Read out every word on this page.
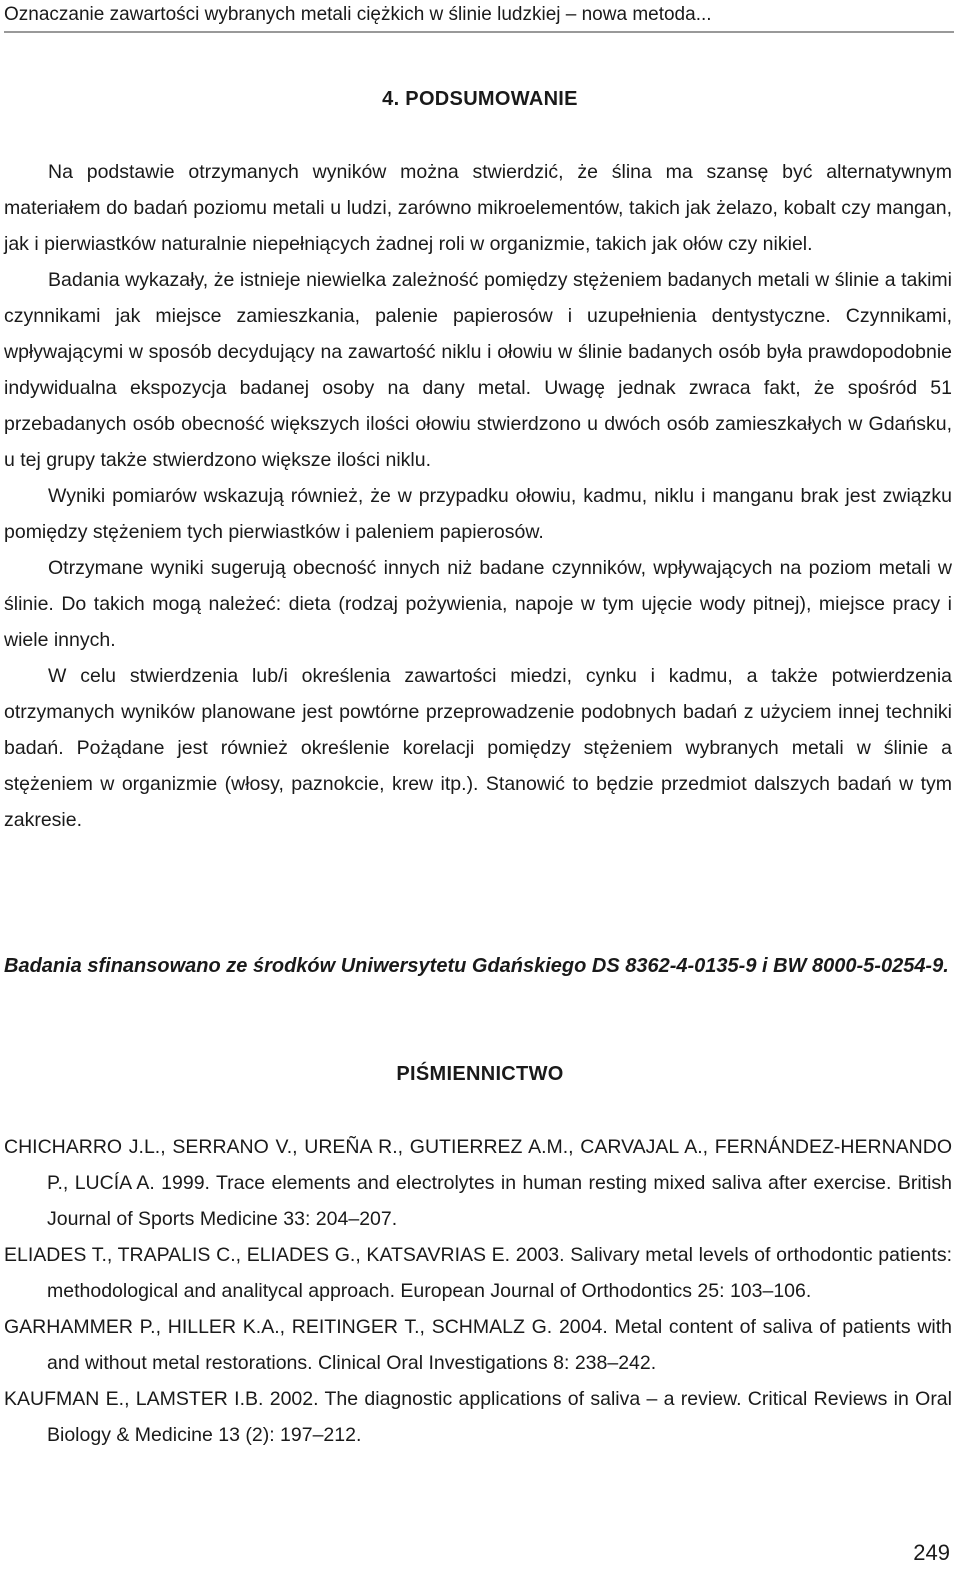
Oznaczanie zawartości wybranych metali ciężkich w ślinie ludzkiej – nowa metoda...
4. PODSUMOWANIE

Na podstawie otrzymanych wyników można stwierdzić, że ślina ma szansę być alternatywnym materiałem do badań poziomu metali u ludzi, zarówno mikroelementów, takich jak żelazo, kobalt czy mangan, jak i pierwiastków naturalnie niepełniących żadnej roli w organizmie, takich jak ołów czy nikiel.

Badania wykazały, że istnieje niewielka zależność pomiędzy stężeniem badanych metali w ślinie a takimi czynnikami jak miejsce zamieszkania, palenie papierosów i uzupełnienia dentystyczne. Czynnikami, wpływającymi w sposób decydujący na zawartość niklu i ołowiu w ślinie badanych osób była prawdopodobnie indywidualna ekspozycja badanej osoby na dany metal. Uwagę jednak zwraca fakt, że spośród 51 przebadanych osób obecność większych ilości ołowiu stwierdzono u dwóch osób zamieszkałych w Gdańsku, u tej grupy także stwierdzono większe ilości niklu.

Wyniki pomiarów wskazują również, że w przypadku ołowiu, kadmu, niklu i manganu brak jest związku pomiędzy stężeniem tych pierwiastków i paleniem papierosów.

Otrzymane wyniki sugerują obecność innych niż badane czynników, wpływających na poziom metali w ślinie. Do takich mogą należeć: dieta (rodzaj pożywienia, napoje w tym ujęcie wody pitnej), miejsce pracy i wiele innych.

W celu stwierdzenia lub/i określenia zawartości miedzi, cynku i kadmu, a także potwierdzenia otrzymanych wyników planowane jest powtórne przeprowadzenie podobnych badań z użyciem innej techniki badań. Pożądane jest również określenie korelacji pomiędzy stężeniem wybranych metali w ślinie a stężeniem w organizmie (włosy, paznokcie, krew itp.). Stanowić to będzie przedmiot dalszych badań w tym zakresie.

Badania sfinansowano ze środków Uniwersytetu Gdańskiego DS 8362-4-0135-9 i BW 8000-5-0254-9.
PIŚMIENNICTWO

CHICHARRO J.L., SERRANO V., UREÑA R., GUTIERREZ A.M., CARVAJAL A., FERNÁNDEZ-HERNANDO P., LUCÍA A. 1999. Trace elements and electrolytes in human resting mixed saliva after exercise. British Journal of Sports Medicine 33: 204–207.

ELIADES T., TRAPALIS C., ELIADES G., KATSAVRIAS E. 2003. Salivary metal levels of orthodontic patients: methodological and analitycal approach. European Journal of Orthodontics 25: 103–106.

GARHAMMER P., HILLER K.A., REITINGER T., SCHMALZ G. 2004. Metal content of saliva of patients with and without metal restorations. Clinical Oral Investigations 8: 238–242.

KAUFMAN E., LAMSTER I.B. 2002. The diagnostic applications of saliva – a review. Critical Reviews in Oral Biology & Medicine 13 (2): 197–212.

249
